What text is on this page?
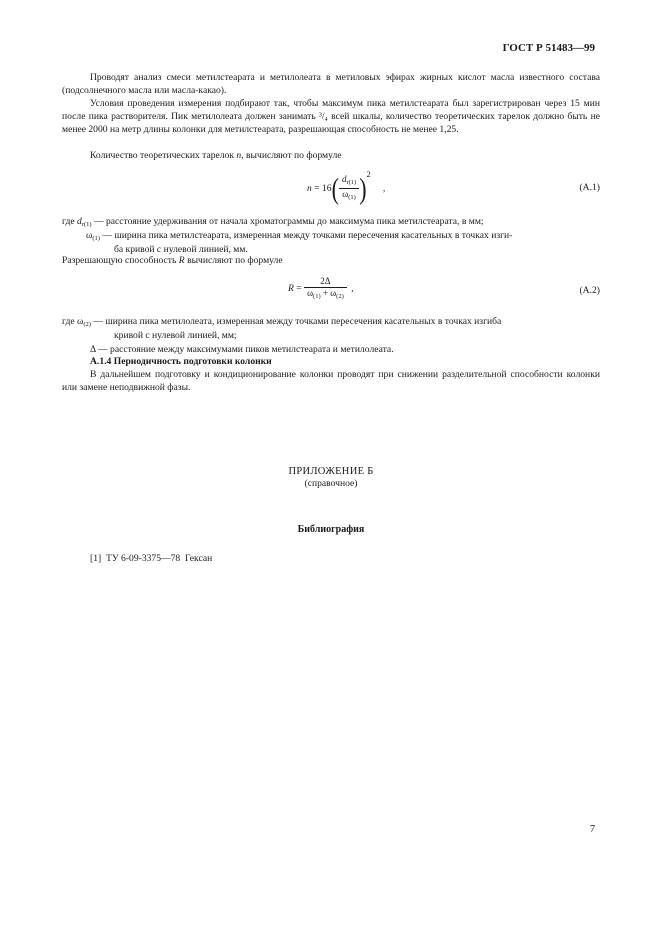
ГОСТ Р 51483—99
Проводят анализ смеси метилстеарата и метилолеата в метиловых эфирах жирных кислот масла известного состава (подсолнечного масла или масла-какао).
Условия проведения измерения подбирают так, чтобы максимум пика метилстеарата был зарегистрирован через 15 мин после пика растворителя. Пик метилолеата должен занимать ³/₄ всей шкалы, количество теоретических тарелок должно быть не менее 2000 на метр длины колонки для метилстеарата, разрешающая способность не менее 1,25.
Количество теоретических тарелок n, вычисляют по формуле
$n = 16( \frac{d_{r(1)}}{\omega_{(1)}} )^2$ ,	(А.1)
где $d_{r(1)}$ — расстояние удерживания от начала хроматограммы до максимума пика метилстеарата, в мм;
$\omega_{(1)}$ — ширина пика метилстеарата, измеренная между точками пересечения касательных в точках изги-
ба кривой с нулевой линией, мм.
Разрешающую способность R вычисляют по формуле
$R = \frac{2\Delta}{\omega_{(1)} + \omega_{(2)}}$ ,	(А.2)
где $\omega_{(2)}$ — ширина пика метилолеата, измеренная между точками пересечения касательных в точках изгиба
кривой с нулевой линией, мм;
Δ — расстояние между максимумами пиков метилстеарата и метилолеата.
А.1.4 Периодичность подготовки колонки
В дальнейшем подготовку и кондиционирование колонки проводят при снижении разделительной способности колонки или замене неподвижной фазы.
ПРИЛОЖЕНИЕ Б
(справочное)
Библиография
[1]  ТУ 6-09-3375—78  Гексан
7
